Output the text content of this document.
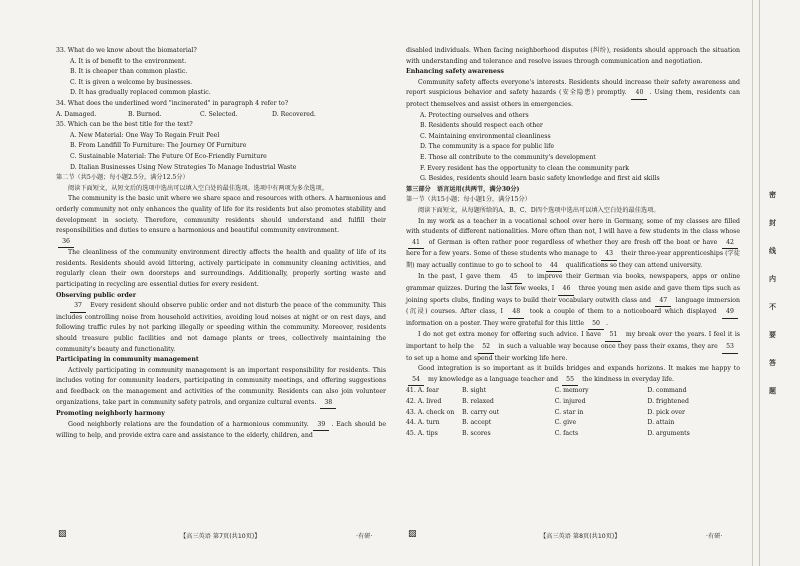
33. What do we know about the biomaterial?

A. It is of benefit to the environment.

B. It is cheaper than common plastic.

C. It is given a welcome by businesses.

D. It has gradually replaced common plastic.

34. What does the underlined word "incinerated" in paragraph 4 refer to?

A. Damaged.	B. Burned.	C. Selected.	D. Recovered.

35. Which can be the best title for the text?

A. New Material: One Way To Regain Fruit Peel

B. From Landfill To Furniture: The Journey Of Furniture

C. Sustainable Material: The Future Of Eco-Friendly Furniture

D. Italian Businesses Using New Strategies To Manage Industrial Waste

第二节（共5小题；每小题2.5分，满分12.5分）

阅读下面短文，从短文后的选项中选出可以填入空白处的最佳选项。选项中有两项为多余选项。

The community is the basic unit where we share space and resources with others. A harmonious and orderly community not only enhances the quality of life for its residents but also promotes stability and development in society. Therefore, community residents should understand and fulfill their responsibilities and duties to ensure a harmonious and beautiful community environment.

36

The cleanliness of the community environment directly affects the health and quality of life of its residents. Residents should avoid littering, actively participate in community cleaning activities, and regularly clean their own doorsteps and surroundings. Additionally, properly sorting waste and participating in recycling are essential duties for every resident.

Observing public order

37 Every resident should observe public order and not disturb the peace of the community. This includes controlling noise from household activities, avoiding loud noises at night or on rest days, and following traffic rules by not parking illegally or speeding within the community. Moreover, residents should treasure public facilities and not damage plants or trees, collectively maintaining the community's beauty and functionality.

Participating in community management

Actively participating in community management is an important responsibility for residents. This includes voting for community leaders, participating in community meetings, and offering suggestions and feedback on the management and activities of the community. Residents can also join volunteer organizations, take part in community safety patrols, and organize cultural events. 38

Promoting neighborly harmony

Good neighborly relations are the foundation of a harmonious community. 39 . Each should be willing to help, and provide extra care and assistance to the elderly, children, and

disabled individuals. When facing neighborhood disputes (纠纷), residents should approach the situation with understanding and tolerance and resolve issues through communication and negotiation.

Enhancing safety awareness

Community safety affects everyone's interests. Residents should increase their safety awareness and report suspicious behavior and safety hazards (安全隐患) promptly. 40 . Using them, residents can protect themselves and assist others in emergencies.

A. Protecting ourselves and others

B. Residents should respect each other

C. Maintaining environmental cleanliness

D. The community is a space for public life

E. Those all contribute to the community's development

F. Every resident has the opportunity to clean the community park

G. Besides, residents should learn basic safety knowledge and first aid skills

第三部分　语言运用(共两节，满分30分)

第一节（共15小题；每小题1分，满分15分）

阅读下面短文，从每题所给的A、B、C、D四个选项中选出可以填入空白处的最佳选项。

In my work as a teacher in a vocational school over here in Germany, some of my classes are filled with students of different nationalities. More often than not, I will have a few students in the class whose 41 of German is often rather poor regardless of whether they are fresh off the boat or have 42 here for a few years. Some of these students who manage to 43 their three-year apprenticeships (学徒期) may actually continue to go to school to 44 qualifications so they can attend university.

In the past, I gave them 45 to improve their German via books, newspapers, apps or online grammar quizzes. During the last few weeks, I 46 three young men aside and gave them tips such as joining sports clubs, finding ways to build their vocabulary outwith class and 47 language immersion (沉浸) courses. After class, I 48 took a couple of them to a noticeboard which displayed 49 information on a poster. They were grateful for this little 50 .

I do not get extra money for offering such advice. I have 51 my break over the years. I feel it is important to help the 52 in such a valuable way because once they pass their exams, they are 53 to set up a home and spend their working life here.

Good integration is so important as it builds bridges and expands horizons. It makes me happy to 54 my knowledge as a language teacher and 55 the kindness in everyday life.

41. A. fear	B. sight	C. memory	D. command

42. A. lived	B. relaxed	C. injured	D. frightened

43. A. check on	B. carry out	C. star in	D. pick over

44. A. turn	B. accept	C. give	D. attain

45. A. tips	B. scores	C. facts	D. arguments

▨	【高三英语 第7页(共10页)】	·有研·	▨	【高三英语 第8页(共10页)】	·有研·
密
封
线
内
不
要
答
题
